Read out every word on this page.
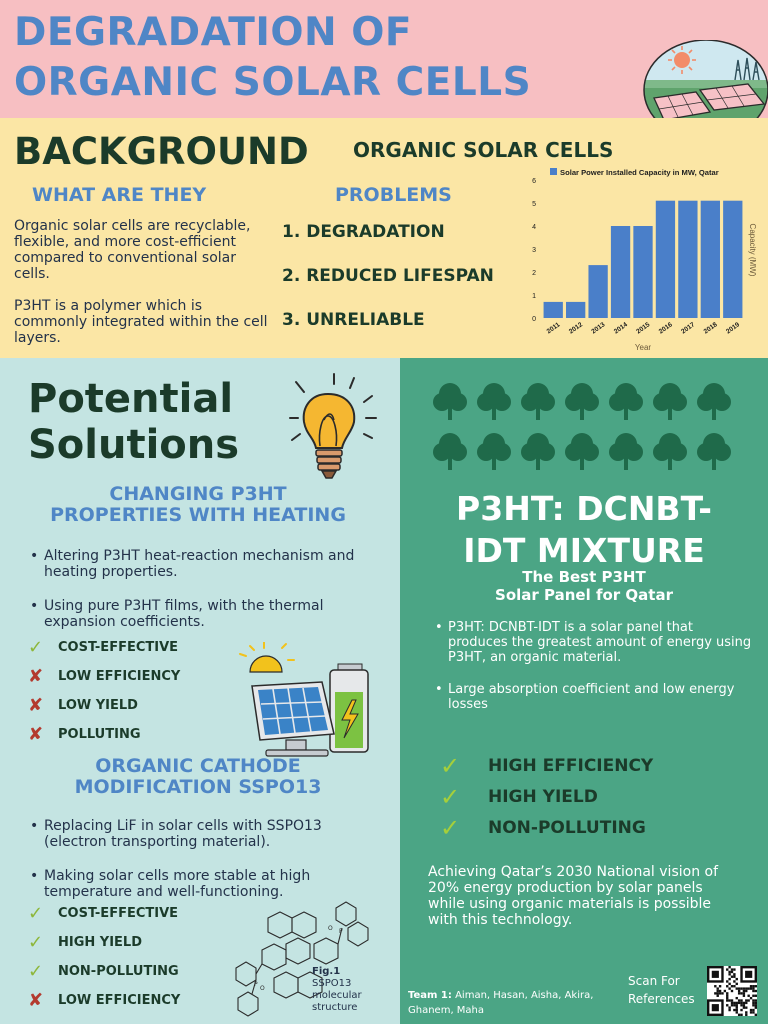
DEGRADATION OF
ORGANIC SOLAR CELLS
BACKGROUND ORGANIC SOLAR CELLS
WHAT ARE THEY

Organic solar cells are recyclable, flexible, and more cost-efficient compared to conventional solar cells.

P3HT is a polymer which is commonly integrated within the cell layers.

PROBLEMS
1. DEGRADATION
2. REDUCED LIFESPAN
3. UNRELIABLE
Solar Power Installed Capacity in MW, Qatar
0
1
2
3
4
5
6
2011 2012 2013 2014 2015 2016 2017 2018 2019
Year
Capacity (MW)
Potential
Solutions
CHANGING P3HT
PROPERTIES WITH HEATING
• Altering P3HT heat-reaction mechanism and heating properties.
• Using pure P3HT films, with the thermal expansion coefficients.
✓	COST-EFFECTIVE
✘	LOW EFFICIENCY
✘	LOW YIELD
✘	POLLUTING
ORGANIC CATHODE
MODIFICATION SSPO13
• Replacing LiF in solar cells with SSPO13 (electron transporting material).
• Making solar cells more stable at high temperature and well-functioning.
✓	COST-EFFECTIVE
✓	HIGH YIELD
✓	NON-POLLUTING
✘	LOW EFFICIENCY
P
O
P
O
Fig.1
SSPO13 molecular structure
P3HT: DCNBT-
IDT MIXTURE
The Best P3HT
Solar Panel for Qatar
• P3HT: DCNBT-IDT is a solar panel that produces the greatest amount of energy using P3HT, an organic material.
• Large absorption coefficient and low energy losses
✓	HIGH EFFICIENCY
✓	HIGH YIELD
✓	NON-POLLUTING
Achieving Qatar’s 2030 National vision of 20% energy production by solar panels while using organic materials is possible with this technology.
Team 1: Aiman, Hasan, Aisha, Akira, Ghanem, Maha
Scan For References
